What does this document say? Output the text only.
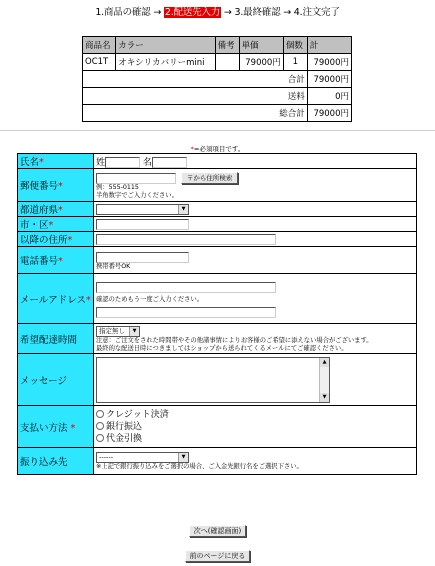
1.商品の確認 → 2.配送先入力 → 3.最終確認 → 4.注文完了
商品名	カラー	備考	単価	個数	計
OC1T	オキシリカバリーmini		79000円	1	79000円
合計					79000円
送料					0円
総合計					79000円
*=必須項目です。
氏名*	姓 名
郵便番号*	〒から住所検索
例：555-0115
半角数字でご入力ください。

都道府県*	▼

市・区*	
以降の住所*	
電話番号*	携帯番号OK

メールアドレス*	確認のためもう一度ご入力ください。

希望配達時間	指定無し ▼
注意：ご注文をされた時間帯やその他諸事情によりお客様のご希望に添えない場合がございます。
最終的な配送日時につきましてはショップから送られてくるメールにてご確認ください。

メッセージ	▲
▼

支払い方法 *	クレジット決済
銀行振込
代金引換

振り込み先	------ ▼
※上記で銀行振り込みをご選択の場合、ご入金先銀行名をご選択下さい。
次へ(確認画面)
前のページに戻る
